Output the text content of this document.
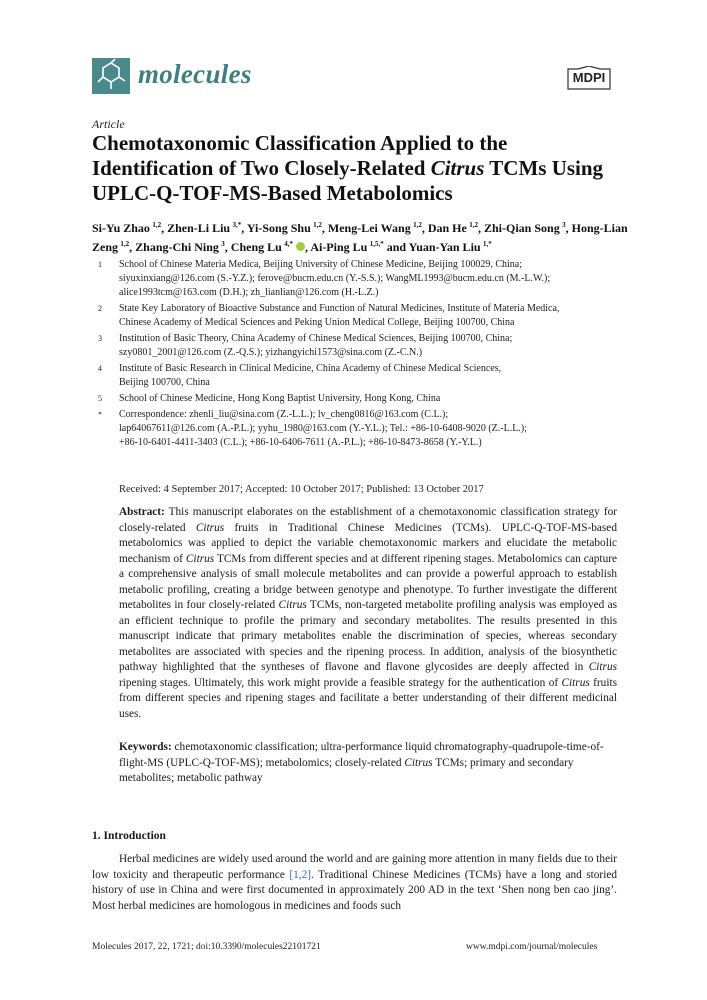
molecules	MDPI
Article
Chemotaxonomic Classification Applied to the Identification of Two Closely-Related Citrus TCMs Using UPLC-Q-TOF-MS-Based Metabolomics
Si-Yu Zhao  $^{1,2}$, Zhen-Li Liu  $^{3,*}$, Yi-Song Shu  $^{1,2}$, Meng-Lei Wang  $^{1,2}$, Dan He  $^{1,2}$, Zhi-Qian Song  $^3$, Hong-Lian Zeng  $^{1,2}$, Zhang-Chi Ning  $^3$, Cheng Lu  $^{4,*}$ , Ai-Ping Lu  $^{1,5,*}$ and Yuan-Yan Liu  $^{1,*}$
1	School of Chinese Materia Medica, Beijing University of Chinese Medicine, Beijing 100029, China;
siyuxinxiang@126.com (S.-Y.Z.); ferove@bucm.edu.cn (Y.-S.S.); WangML1993@bucm.edu.cn (M.-L.W.);
alice1993tcm@163.com (D.H.); zh_lianlian@126.com (H.-L.Z.)
2	State Key Laboratory of Bioactive Substance and Function of Natural Medicines, Institute of Materia Medica,
Chinese Academy of Medical Sciences and Peking Union Medical College, Beijing 100700, China
3	Institution of Basic Theory, China Academy of Chinese Medical Sciences, Beijing 100700, China;
szy0801_2001@126.com (Z.-Q.S.); yizhangyichi1573@sina.com (Z.-C.N.)
4	Institute of Basic Research in Clinical Medicine, China Academy of Chinese Medical Sciences,
Beijing 100700, China
5	School of Chinese Medicine, Hong Kong Baptist University, Hong Kong, China
*	Correspondence: zhenli_liu@sina.com (Z.-L.L.); lv_cheng0816@163.com (C.L.);
lap64067611@126.com (A.-P.L.); yyhu_1980@163.com (Y.-Y.L.); Tel.: +86-10-6408-9020 (Z.-L.L.);
+86-10-6401-4411-3403 (C.L.); +86-10-6406-7611 (A.-P.L.); +86-10-8473-8658 (Y.-Y.L.)
Received: 4 September 2017; Accepted: 10 October 2017; Published: 13 October 2017
Abstract: This manuscript elaborates on the establishment of a chemotaxonomic classification strategy for closely-related Citrus fruits in Traditional Chinese Medicines (TCMs). UPLC-Q-TOF-MS-based metabolomics was applied to depict the variable chemotaxonomic markers and elucidate the metabolic mechanism of Citrus TCMs from different species and at different ripening stages. Metabolomics can capture a comprehensive analysis of small molecule metabolites and can provide a powerful approach to establish metabolic profiling, creating a bridge between genotype and phenotype. To further investigate the different metabolites in four closely-related Citrus TCMs, non-targeted metabolite profiling analysis was employed as an efficient technique to profile the primary and secondary metabolites. The results presented in this manuscript indicate that primary metabolites enable the discrimination of species, whereas secondary metabolites are associated with species and the ripening process. In addition, analysis of the biosynthetic pathway highlighted that the syntheses of flavone and flavone glycosides are deeply affected in Citrus ripening stages. Ultimately, this work might provide a feasible strategy for the authentication of Citrus fruits from different species and ripening stages and facilitate a better understanding of their different medicinal uses.
Keywords: chemotaxonomic classification; ultra-performance liquid chromatography-quadrupole-time-of-flight-MS (UPLC-Q-TOF-MS); metabolomics; closely-related Citrus TCMs; primary and secondary metabolites; metabolic pathway
1. Introduction
Herbal medicines are widely used around the world and are gaining more attention in many fields due to their low toxicity and therapeutic performance [1,2]. Traditional Chinese Medicines (TCMs) have a long and storied history of use in China and were first documented in approximately 200 AD in the text ‘Shen nong ben cao jing’. Most herbal medicines are homologous in medicines and foods such
Molecules 2017, 22, 1721; doi:10.3390/molecules22101721	www.mdpi.com/journal/molecules
